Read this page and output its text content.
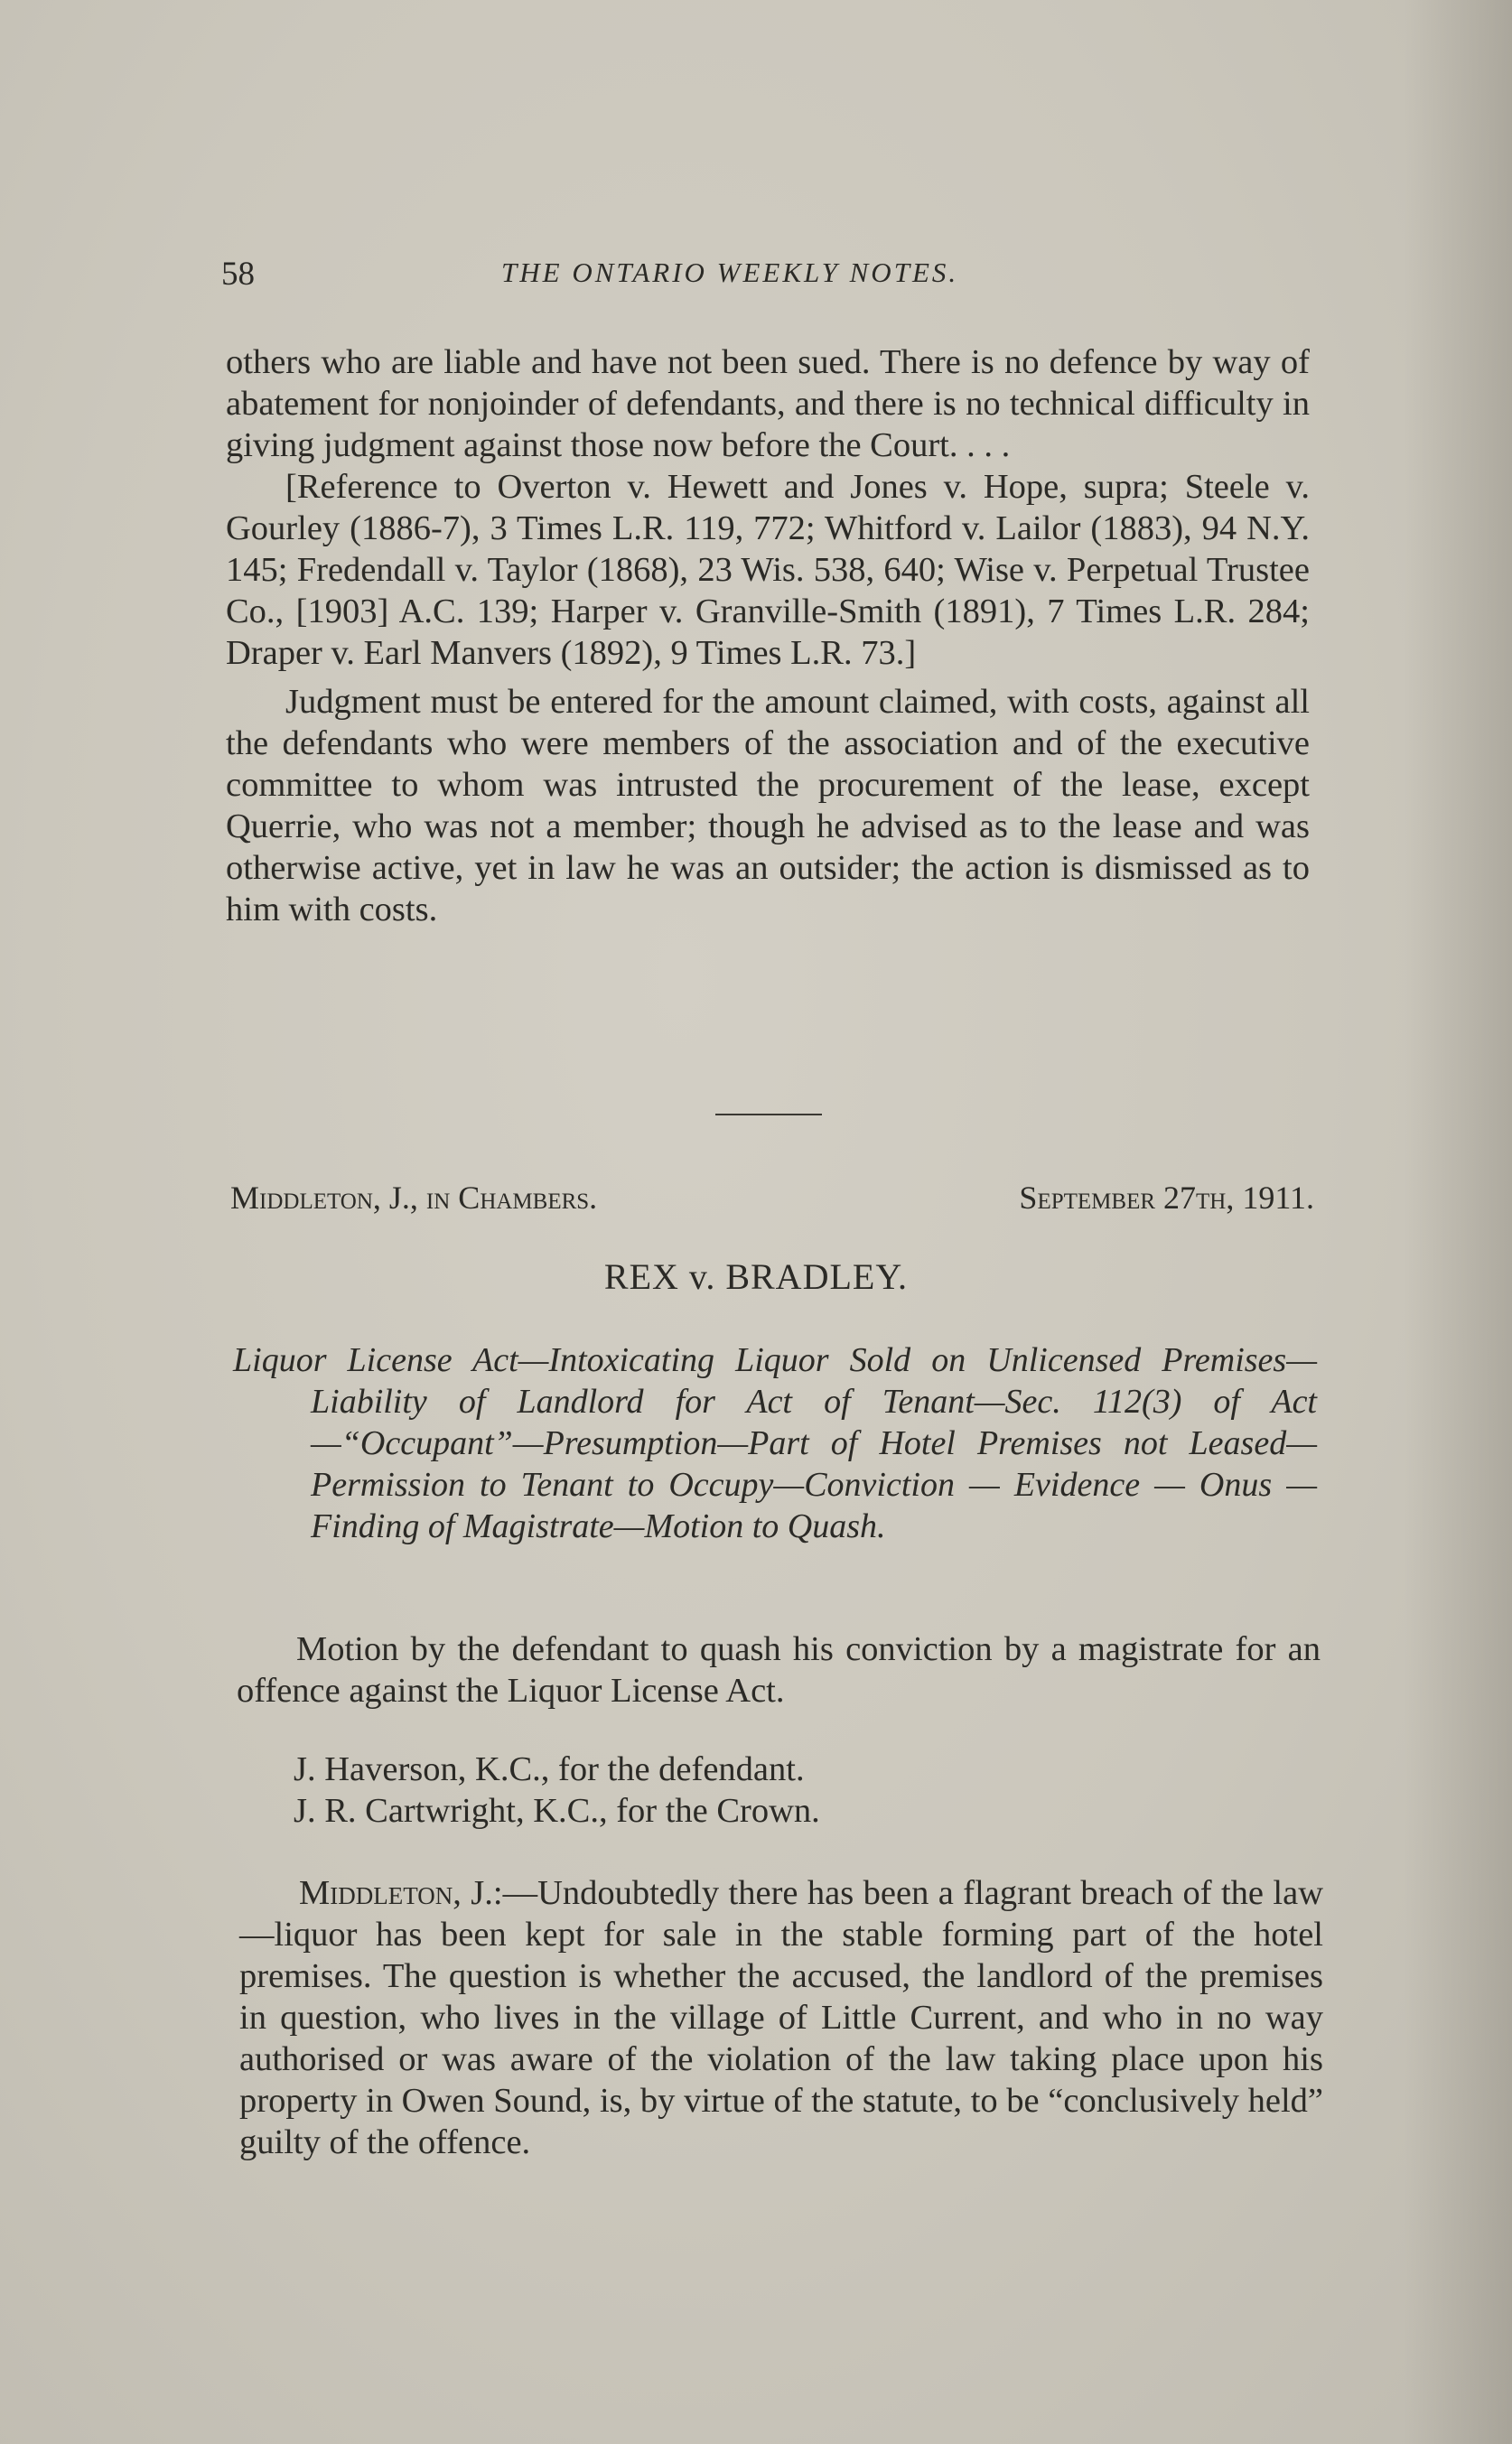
58	THE ONTARIO WEEKLY NOTES.

others who are liable and have not been sued. There is no defence by way of abatement for nonjoinder of defendants, and there is no technical difficulty in giving judgment against those now before the Court. . . .

[Reference to Overton v. Hewett and Jones v. Hope, supra; Steele v. Gourley (1886-7), 3 Times L.R. 119, 772; Whitford v. Lailor (1883), 94 N.Y. 145; Fredendall v. Taylor (1868), 23 Wis. 538, 640; Wise v. Perpetual Trustee Co., [1903] A.C. 139; Harper v. Granville-Smith (1891), 7 Times L.R. 284; Draper v. Earl Manvers (1892), 9 Times L.R. 73.]

Judgment must be entered for the amount claimed, with costs, against all the defendants who were members of the association and of the executive committee to whom was intrusted the procurement of the lease, except Querrie, who was not a member; though he advised as to the lease and was otherwise active, yet in law he was an outsider; the action is dismissed as to him with costs.

Middleton, J., in Chambers.	September 27th, 1911.
REX v. BRADLEY.
Liquor License Act—Intoxicating Liquor Sold on Unlicensed Premises—Liability of Landlord for Act of Tenant—Sec. 112(3) of Act—“Occupant”—Presumption—Part of Hotel Premises not Leased—Permission to Tenant to Occupy—Conviction — Evidence — Onus — Finding of Magistrate—Motion to Quash.

Motion by the defendant to quash his conviction by a magistrate for an offence against the Liquor License Act.

J. Haverson, K.C., for the defendant.
J. R. Cartwright, K.C., for the Crown.

Middleton, J.:—Undoubtedly there has been a flagrant breach of the law—liquor has been kept for sale in the stable forming part of the hotel premises. The question is whether the accused, the landlord of the premises in question, who lives in the village of Little Current, and who in no way authorised or was aware of the violation of the law taking place upon his property in Owen Sound, is, by virtue of the statute, to be “conclusively held” guilty of the offence.
